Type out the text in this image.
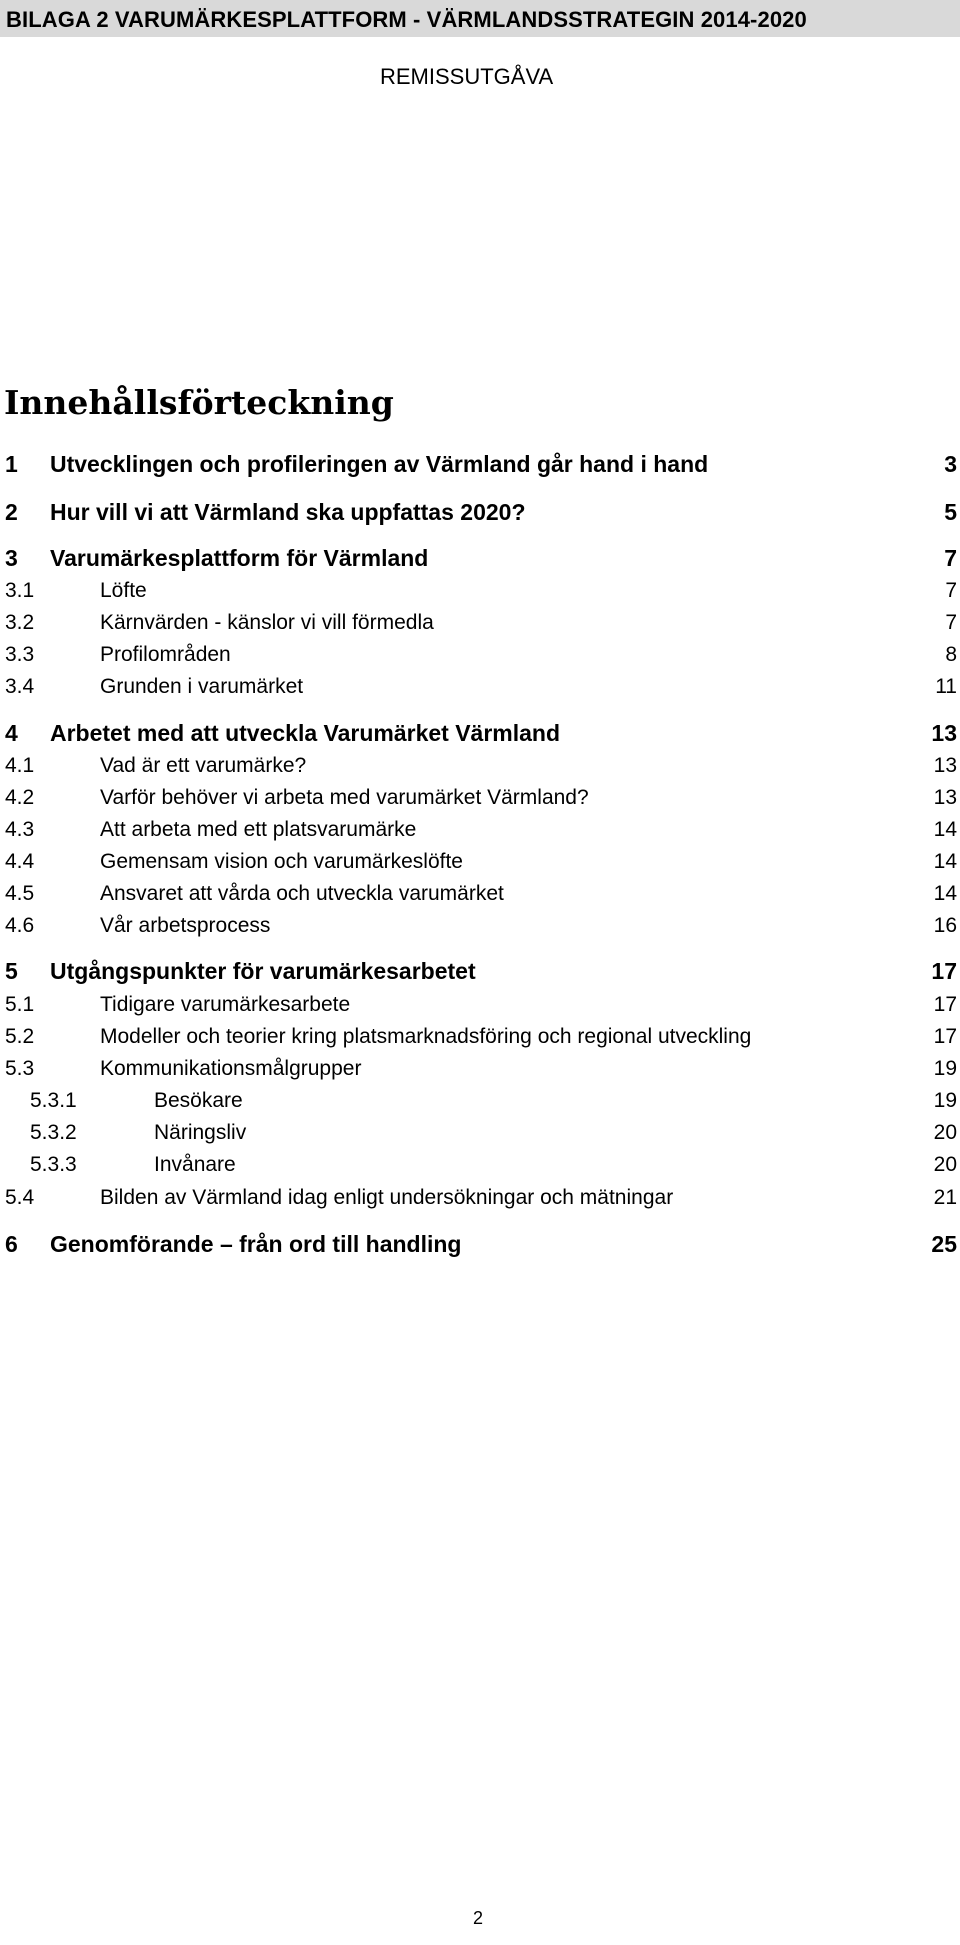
BILAGA 2 VARUMÄRKESPLATTFORM - VÄRMLANDSSTRATEGIN 2014-2020
REMISSUTGÅVA
Innehållsförteckning
1 Utvecklingen och profileringen av Värmland går hand i hand	3
2 Hur vill vi att Värmland ska uppfattas 2020?	5
3 Varumärkesplattform för Värmland	7
3.1	Löfte	7
3.2	Kärnvärden - känslor vi vill förmedla	7
3.3	Profilområden	8
3.4	Grunden i varumärket	11
4 Arbetet med att utveckla Varumärket Värmland	13
4.1	Vad är ett varumärke?	13
4.2	Varför behöver vi arbeta med varumärket Värmland?	13
4.3	Att arbeta med ett platsvarumärke	14
4.4	Gemensam vision och varumärkeslöfte	14
4.5	Ansvaret att vårda och utveckla varumärket	14
4.6	Vår arbetsprocess	16
5 Utgångspunkter för varumärkesarbetet	17
5.1	Tidigare varumärkesarbete	17
5.2	Modeller och teorier kring platsmarknadsföring och regional utveckling	17
5.3	Kommunikationsmålgrupper	19
5.3.1	Besökare	19
5.3.2	Näringsliv	20
5.3.3	Invånare	20
5.4	Bilden av Värmland idag enligt undersökningar och mätningar	21
6 Genomförande – från ord till handling	25
2
